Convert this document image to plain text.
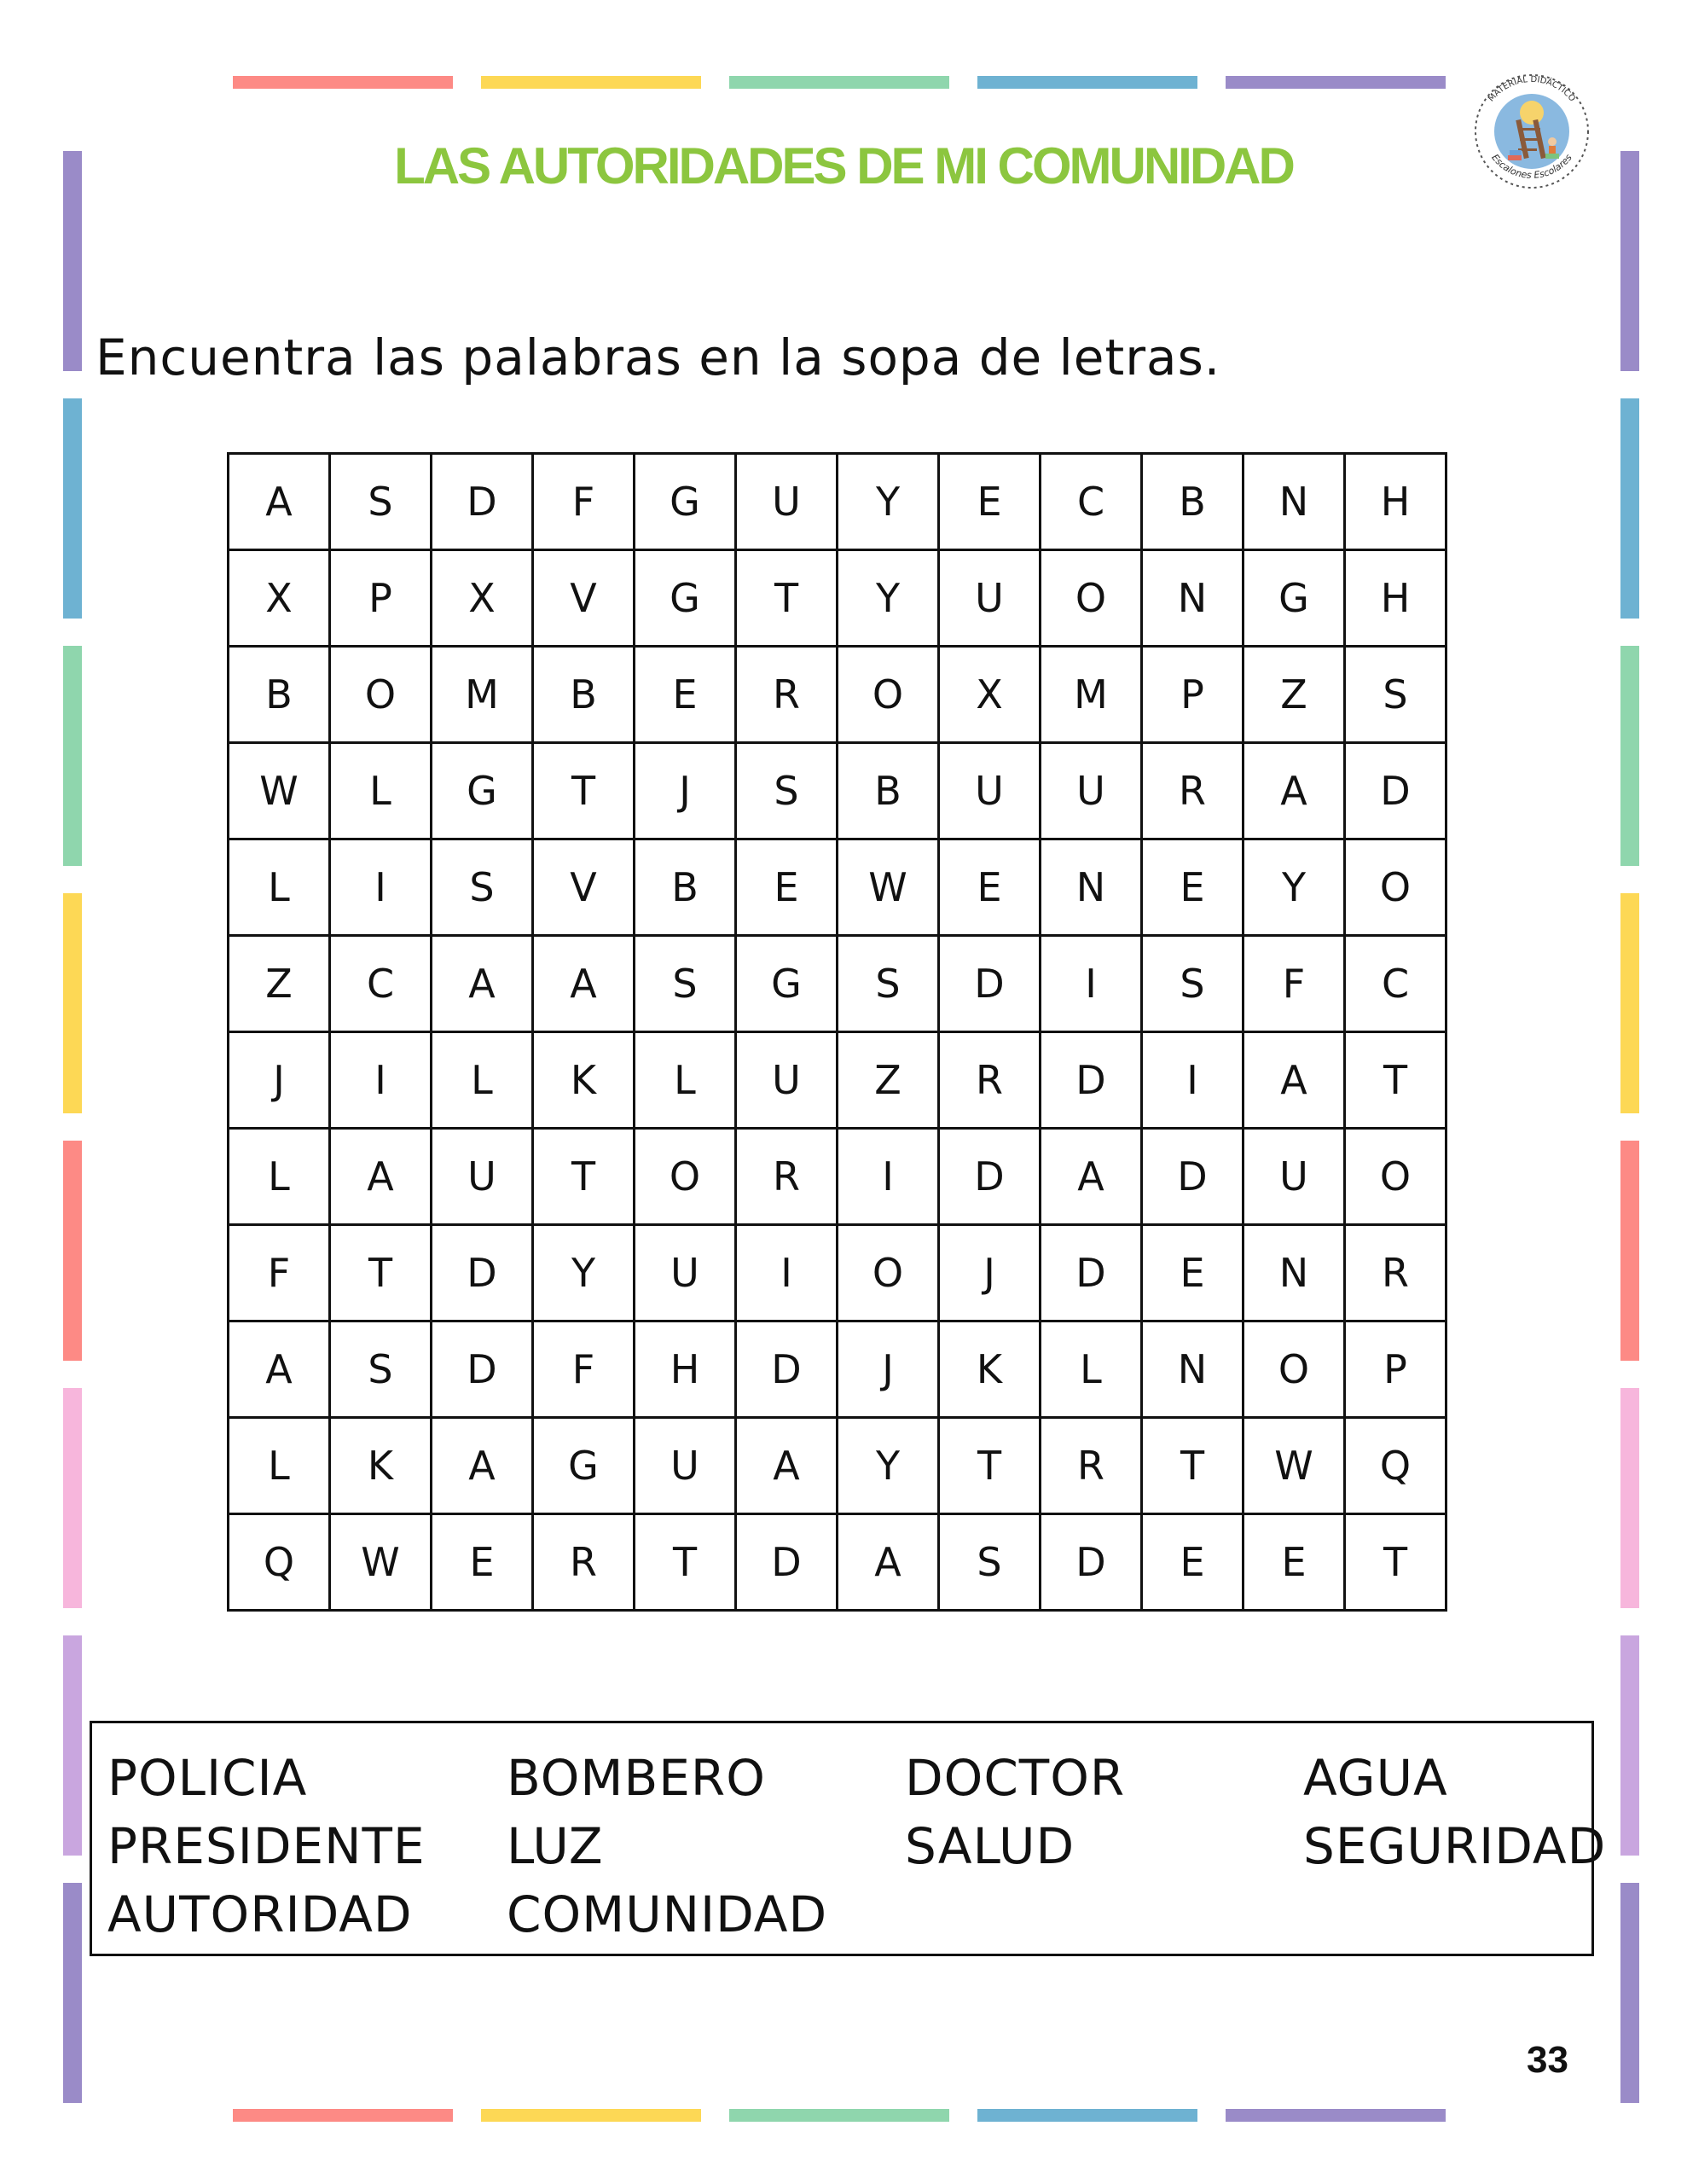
LAS AUTORIDADES DE MI COMUNIDAD
MATERIAL DIDÁCTICO
Escalones Escolares
Encuentra las palabras en la sopa de letras.
A	S	D	F	G	U	Y	E	C	B	N	H
X	P	X	V	G	T	Y	U	O	N	G	H
B	O	M	B	E	R	O	X	M	P	Z	S
W	L	G	T	J	S	B	U	U	R	A	D
L	I	S	V	B	E	W	E	N	E	Y	O
Z	C	A	A	S	G	S	D	I	S	F	C
J	I	L	K	L	U	Z	R	D	I	A	T
L	A	U	T	O	R	I	D	A	D	U	O
F	T	D	Y	U	I	O	J	D	E	N	R
A	S	D	F	H	D	J	K	L	N	O	P
L	K	A	G	U	A	Y	T	R	T	W	Q
Q	W	E	R	T	D	A	S	D	E	E	T
POLICIA	BOMBERO	DOCTOR	AGUA
PRESIDENTE LUZ	SALUD	SEGURIDAD
AUTORIDAD COMUNIDAD
33
